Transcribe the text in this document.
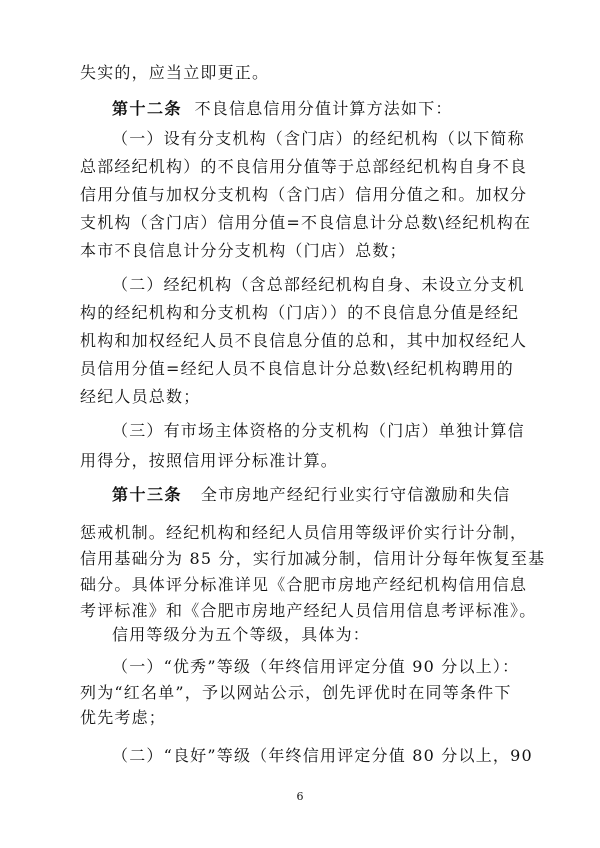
失实的，应当立即更正。
第十二条 不良信息信用分值计算方法如下：
（一）设有分支机构（含门店）的经纪机构（以下简称
总部经纪机构）的不良信用分值等于总部经纪机构自身不良
信用分值与加权分支机构（含门店）信用分值之和。加权分
支机构（含门店）信用分值=不良信息计分总数\经纪机构在
本市不良信息计分分支机构（门店）总数；
（二）经纪机构（含总部经纪机构自身、未设立分支机
构的经纪机构和分支机构（门店））的不良信息分值是经纪
机构和加权经纪人员不良信息分值的总和，其中加权经纪人
员信用分值=经纪人员不良信息计分总数\经纪机构聘用的
经纪人员总数；
（三）有市场主体资格的分支机构（门店）单独计算信
用得分，按照信用评分标准计算。
第十三条 全市房地产经纪行业实行守信激励和失信
惩戒机制。经纪机构和经纪人员信用等级评价实行计分制，
信用基础分为 85 分，实行加减分制，信用计分每年恢复至基
础分。具体评分标准详见《合肥市房地产经纪机构信用信息
考评标准》和《合肥市房地产经纪人员信用信息考评标准》。
信用等级分为五个等级，具体为：
（一）“优秀”等级（年终信用评定分值 90 分以上）：
列为“红名单”，予以网站公示，创先评优时在同等条件下
优先考虑；
（二）“良好”等级（年终信用评定分值 80 分以上，90
6
